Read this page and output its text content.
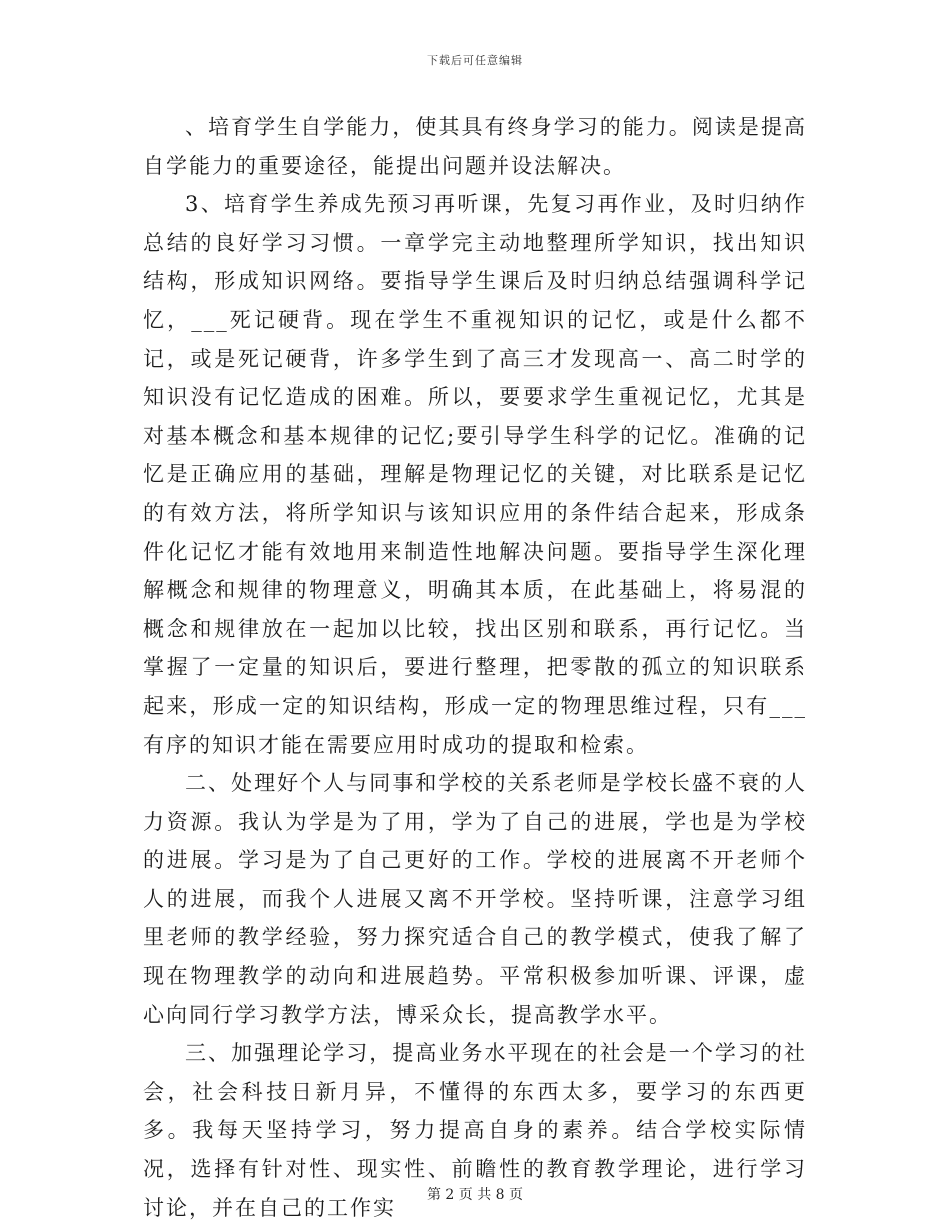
下载后可任意编辑

、培育学生自学能力，使其具有终身学习的能力。阅读是提高自学能力的重要途径，能提出问题并设法解决。

3、培育学生养成先预习再听课，先复习再作业，及时归纳作总结的良好学习习惯。一章学完主动地整理所学知识，找出知识结构，形成知识网络。要指导学生课后及时归纳总结强调科学记忆，___死记硬背。现在学生不重视知识的记忆，或是什么都不记，或是死记硬背，许多学生到了高三才发现高一、高二时学的知识没有记忆造成的困难。所以，要要求学生重视记忆，尤其是对基本概念和基本规律的记忆;要引导学生科学的记忆。准确的记忆是正确应用的基础，理解是物理记忆的关键，对比联系是记忆的有效方法，将所学知识与该知识应用的条件结合起来，形成条件化记忆才能有效地用来制造性地解决问题。要指导学生深化理解概念和规律的物理意义，明确其本质，在此基础上，将易混的概念和规律放在一起加以比较，找出区别和联系，再行记忆。当掌握了一定量的知识后，要进行整理，把零散的孤立的知识联系起来，形成一定的知识结构，形成一定的物理思维过程，只有___有序的知识才能在需要应用时成功的提取和检索。

二、处理好个人与同事和学校的关系老师是学校长盛不衰的人力资源。我认为学是为了用，学为了自己的进展，学也是为学校的进展。学习是为了自己更好的工作。学校的进展离不开老师个人的进展，而我个人进展又离不开学校。坚持听课，注意学习组里老师的教学经验，努力探究适合自己的教学模式，使我了解了现在物理教学的动向和进展趋势。平常积极参加听课、评课，虚心向同行学习教学方法，博采众长，提高教学水平。

三、加强理论学习，提高业务水平现在的社会是一个学习的社会，社会科技日新月异，不懂得的东西太多，要学习的东西更多。我每天坚持学习，努力提高自身的素养。结合学校实际情况，选择有针对性、现实性、前瞻性的教育教学理论，进行学习讨论，并在自己的工作实

第 2 页 共 8 页
